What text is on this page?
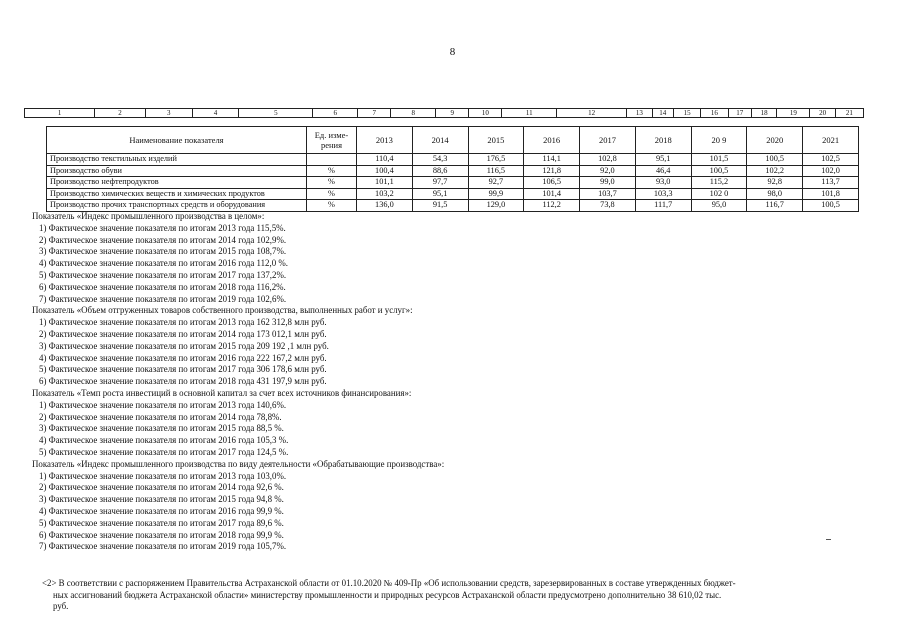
8
1	2	3	4	5	6	7	8	9	10	11	12	13	14	15	16	17	18	19	20	21
Наименование показателя	Ед. изме-рения	2013	2014	2015	2016	2017	2018	20 9	2020	2021
Производство текстильных изделий		110,4	54,3	176,5	114,1	102,8	95,1	101,5	100,5	102,5
Производство обуви	%	100,4	88,6	116,5	121,8	92,0	46,4	100,5	102,2	102,0
Производство нефтепродуктов	%	101,1	97,7	92,7	106,5	99,0	93,0	115,2	92,8	113,7
Производство химических веществ и химических продуктов	%	103,2	95,1	99,9	101,4	103,7	103,3	102 0	98,0	101,8
Производство прочих транспортных средств и оборудования	%	136,0	91,5	129,0	112,2	73,8	111,7	95,0	116,7	100,5
Показатель «Индекс промышленного производства в целом»:
1) Фактическое значение показателя по итогам 2013 года 115,5%.
2) Фактическое значение показателя по итогам 2014 года 102,9%.
3) Фактическое значение показателя по итогам 2015 года 108,7%.
4) Фактическое значение показателя по итогам 2016 года 112,0 %.
5) Фактическое значение показателя по итогам 2017 года 137,2%.
6) Фактическое значение показателя по итогам 2018 года 116,2%.
7) Фактическое значение показателя по итогам 2019 года 102,6%.
Показатель «Объем отгруженных товаров собственного производства, выполненных работ и услуг»:
1) Фактическое значение показателя по итогам 2013 года 162 312,8 млн руб.
2) Фактическое значение показателя по итогам 2014 года 173 012,1 млн руб.
3) Фактическое значение показателя по итогам 2015 года 209 192 ,1 млн руб.
4) Фактическое значение показателя по итогам 2016 года 222 167,2 млн руб.
5) Фактическое значение показателя по итогам 2017 года 306 178,6 млн руб.
6) Фактическое значение показателя по итогам 2018 года 431 197,9 млн руб.
Показатель «Темп роста инвестиций в основной капитал за счет всех источников финансирования»:
1) Фактическое значение показателя по итогам 2013 года 140,6%.
2) Фактическое значение показателя по итогам 2014 года 78,8%.
3) Фактическое значение показателя по итогам 2015 года 88,5 %.
4) Фактическое значение показателя по итогам 2016 года 105,3 %.
5) Фактическое значение показателя по итогам 2017 года 124,5 %.
Показатель «Индекс промышленного производства по виду деятельности «Обрабатывающие производства»:
1) Фактическое значение показателя по итогам 2013 года 103,0%.
2) Фактическое значение показателя по итогам 2014 года 92,6 %.
3) Фактическое значение показателя по итогам 2015 года 94,8 %.
4) Фактическое значение показателя по итогам 2016 года 99,9 %.
5) Фактическое значение показателя по итогам 2017 года 89,6 %.
6) Фактическое значение показателя по итогам 2018 года 99,9 %.
7) Фактическое значение показателя по итогам 2019 года 105,7%.
<2> В соответствии с распоряжением Правительства Астраханской области от 01.10.2020 № 409-Пр «Об использовании средств, зарезервированных в составе утвержденных бюджет-
ных ассигнований бюджета Астраханской области» министерству промышленности и природных ресурсов Астраханской области предусмотрено дополнительно 38 610,02 тыс.
руб.
